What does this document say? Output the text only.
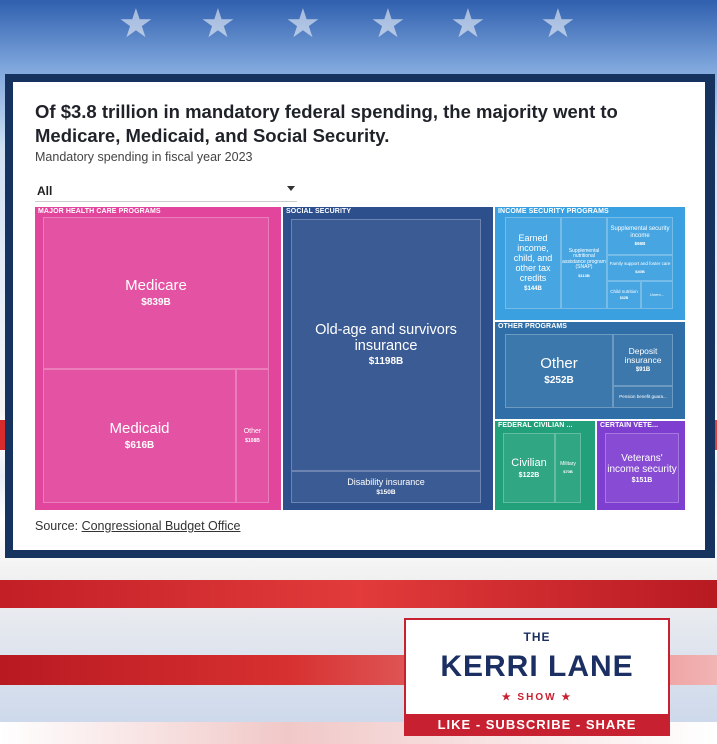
★ ★ ★ ★ ★ ★
Of $3.8 trillion in mandatory federal spending, the majority went to Medicare, Medicaid, and Social Security.
Mandatory spending in fiscal year 2023
All
MAJOR HEALTH CARE PROGRAMS
Medicare
$839B
Medicaid
$616B
Other
$108B
SOCIAL SECURITY
Old-age and survivors insurance
$1198B
Disability insurance
$150B
INCOME SECURITY PROGRAMS
Earned income, child, and other tax credits
$144B
Supplemental nutritional assistance program (SNAP)
$113B
Supplemental security income
$66B
Family support and foster care
$40B
Child nutrition
$32B
Unem...
OTHER PROGRAMS
Other
$252B
Deposit insurance
$91B
Pension benefit guara...
FEDERAL CIVILIAN ...
Civilian
$122B
Military
$70B
CERTAIN VETE...
Veterans' income security
$151B
Source: Congressional Budget Office
THE
KERRI LANE
★ SHOW ★
LIKE - SUBSCRIBE - SHARE
